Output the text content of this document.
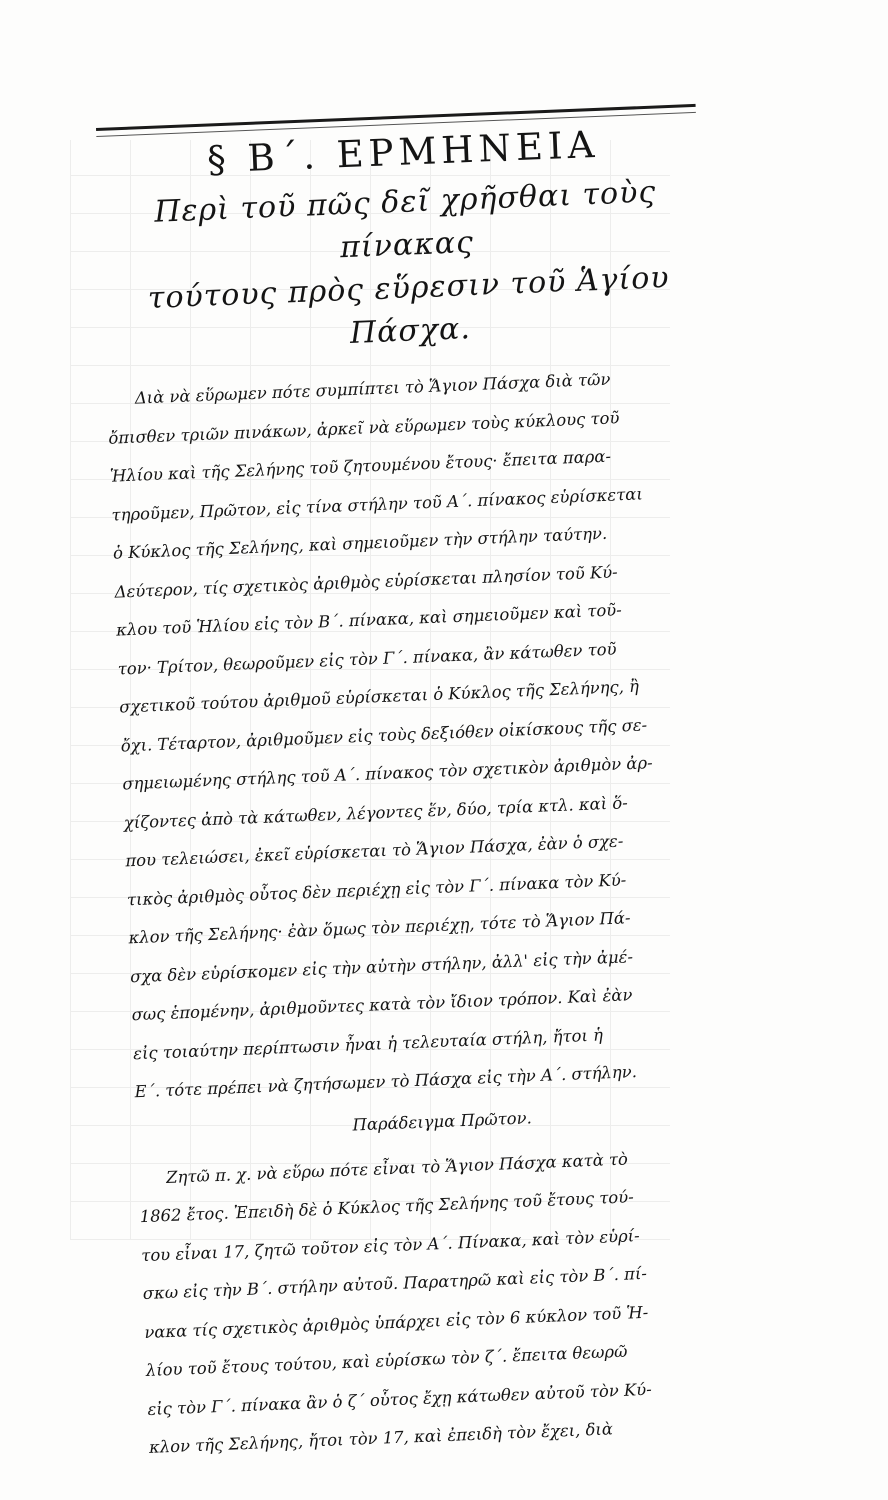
§ Β΄. ΕΡΜΗΝΕΙΑ
Περὶ τοῦ πῶς δεῖ χρῆσθαι τοὺς πίνακας
τούτους πρὸς εὕρεσιν τοῦ Ἁγίου Πάσχα.

Διὰ νὰ εὕρωμεν πότε συμπίπτει τὸ Ἅγιον Πάσχα διὰ τῶν

ὄπισθεν τριῶν πινάκων, ἀρκεῖ νὰ εὕρωμεν τοὺς κύκλους τοῦ

Ἡλίου καὶ τῆς Σελήνης τοῦ ζητουμένου ἔτους· ἔπειτα παρα-

τηροῦμεν, Πρῶτον, εἰς τίνα στήλην τοῦ Α΄. πίνακος εὑρίσκεται

ὁ Κύκλος τῆς Σελήνης, καὶ σημειοῦμεν τὴν στήλην ταύτην.

Δεύτερον, τίς σχετικὸς ἀριθμὸς εὑρίσκεται πλησίον τοῦ Κύ-

κλου τοῦ Ἡλίου εἰς τὸν Β΄. πίνακα, καὶ σημειοῦμεν καὶ τοῦ-

τον· Τρίτον, θεωροῦμεν εἰς τὸν Γ΄. πίνακα, ἂν κάτωθεν τοῦ

σχετικοῦ τούτου ἀριθμοῦ εὑρίσκεται ὁ Κύκλος τῆς Σελήνης, ἢ

ὄχι. Τέταρτον, ἀριθμοῦμεν εἰς τοὺς δεξιόθεν οἰκίσκους τῆς σε-

σημειωμένης στήλης τοῦ Α΄. πίνακος τὸν σχετικὸν ἀριθμὸν ἀρ-

χίζοντες ἀπὸ τὰ κάτωθεν, λέγοντες ἕν, δύο, τρία κτλ. καὶ ὅ-

που τελειώσει, ἐκεῖ εὑρίσκεται τὸ Ἅγιον Πάσχα, ἐὰν ὁ σχε-

τικὸς ἀριθμὸς οὗτος δὲν περιέχῃ εἰς τὸν Γ΄. πίνακα τὸν Κύ-

κλον τῆς Σελήνης· ἐὰν ὅμως τὸν περιέχῃ, τότε τὸ Ἅγιον Πά-

σχα δὲν εὑρίσκομεν εἰς τὴν αὐτὴν στήλην, ἀλλ' εἰς τὴν ἀμέ-

σως ἑπομένην, ἀριθμοῦντες κατὰ τὸν ἴδιον τρόπον. Καὶ ἐὰν

εἰς τοιαύτην περίπτωσιν ἦναι ἡ τελευταία στήλη, ἤτοι ἡ

Ε΄. τότε πρέπει νὰ ζητήσωμεν τὸ Πάσχα εἰς τὴν Α΄. στήλην.

Παράδειγμα Πρῶτον.

Ζητῶ π. χ. νὰ εὕρω πότε εἶναι τὸ Ἅγιον Πάσχα κατὰ τὸ

1862 ἔτος. Ἐπειδὴ δὲ ὁ Κύκλος τῆς Σελήνης τοῦ ἔτους τού-

του εἶναι 17, ζητῶ τοῦτον εἰς τὸν Α΄. Πίνακα, καὶ τὸν εὑρί-

σκω εἰς τὴν Β΄. στήλην αὐτοῦ. Παρατηρῶ καὶ εἰς τὸν Β΄. πί-

νακα τίς σχετικὸς ἀριθμὸς ὑπάρχει εἰς τὸν 6 κύκλον τοῦ Ἡ-

λίου τοῦ ἔτους τούτου, καὶ εὑρίσκω τὸν ζ΄. ἔπειτα θεωρῶ

εἰς τὸν Γ΄. πίνακα ἂν ὁ ζ΄ οὗτος ἔχῃ κάτωθεν αὐτοῦ τὸν Κύ-

κλον τῆς Σελήνης, ἤτοι τὸν 17, καὶ ἐπειδὴ τὸν ἔχει, διὰ
